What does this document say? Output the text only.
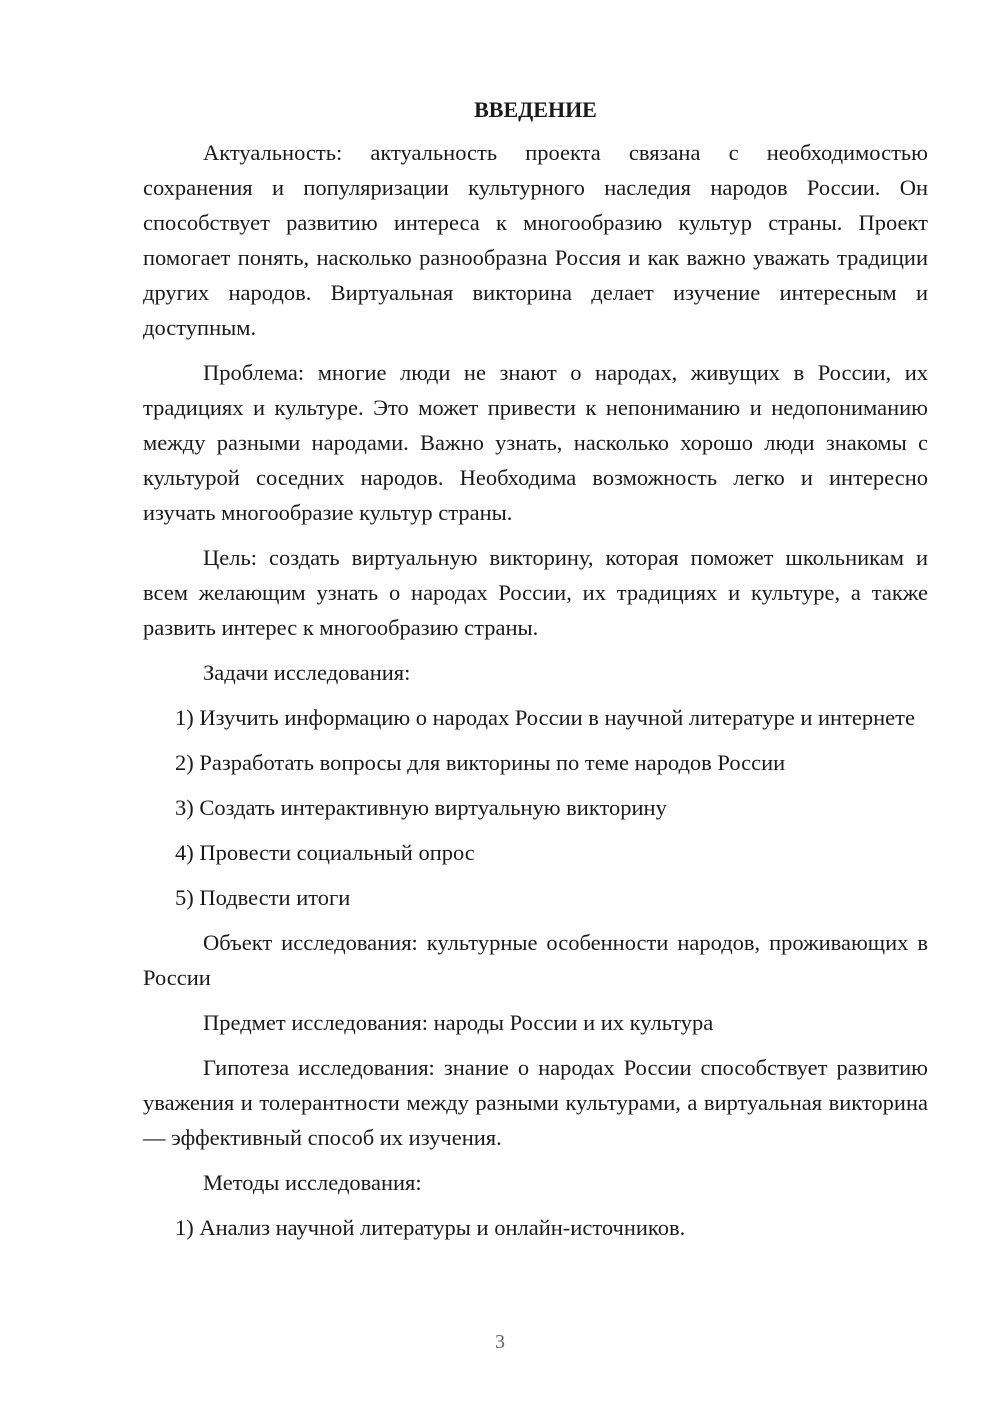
ВВЕДЕНИЕ

Актуальность: актуальность проекта связана с необходимостью сохранения и популяризации культурного наследия народов России. Он способствует развитию интереса к многообразию культур страны. Проект помогает понять, насколько разнообразна Россия и как важно уважать традиции других народов. Виртуальная викторина делает изучение интересным и доступным.

Проблема: многие люди не знают о народах, живущих в России, их традициях и культуре. Это может привести к непониманию и недопониманию между разными народами. Важно узнать, насколько хорошо люди знакомы с культурой соседних народов. Необходима возможность легко и интересно изучать многообразие культур страны.

Цель: создать виртуальную викторину, которая поможет школьникам и всем желающим узнать о народах России, их традициях и культуре, а также развить интерес к многообразию страны.

Задачи исследования:

1) Изучить информацию о народах России в научной литературе и интернете

2) Разработать вопросы для викторины по теме народов России

3) Создать интерактивную виртуальную викторину

4) Провести социальный опрос

5) Подвести итоги

Объект исследования: культурные особенности народов, проживающих в России

Предмет исследования: народы России и их культура

Гипотеза исследования: знание о народах России способствует развитию уважения и толерантности между разными культурами, а виртуальная викторина — эффективный способ их изучения.

Методы исследования:

1) Анализ научной литературы и онлайн-источников.

3
